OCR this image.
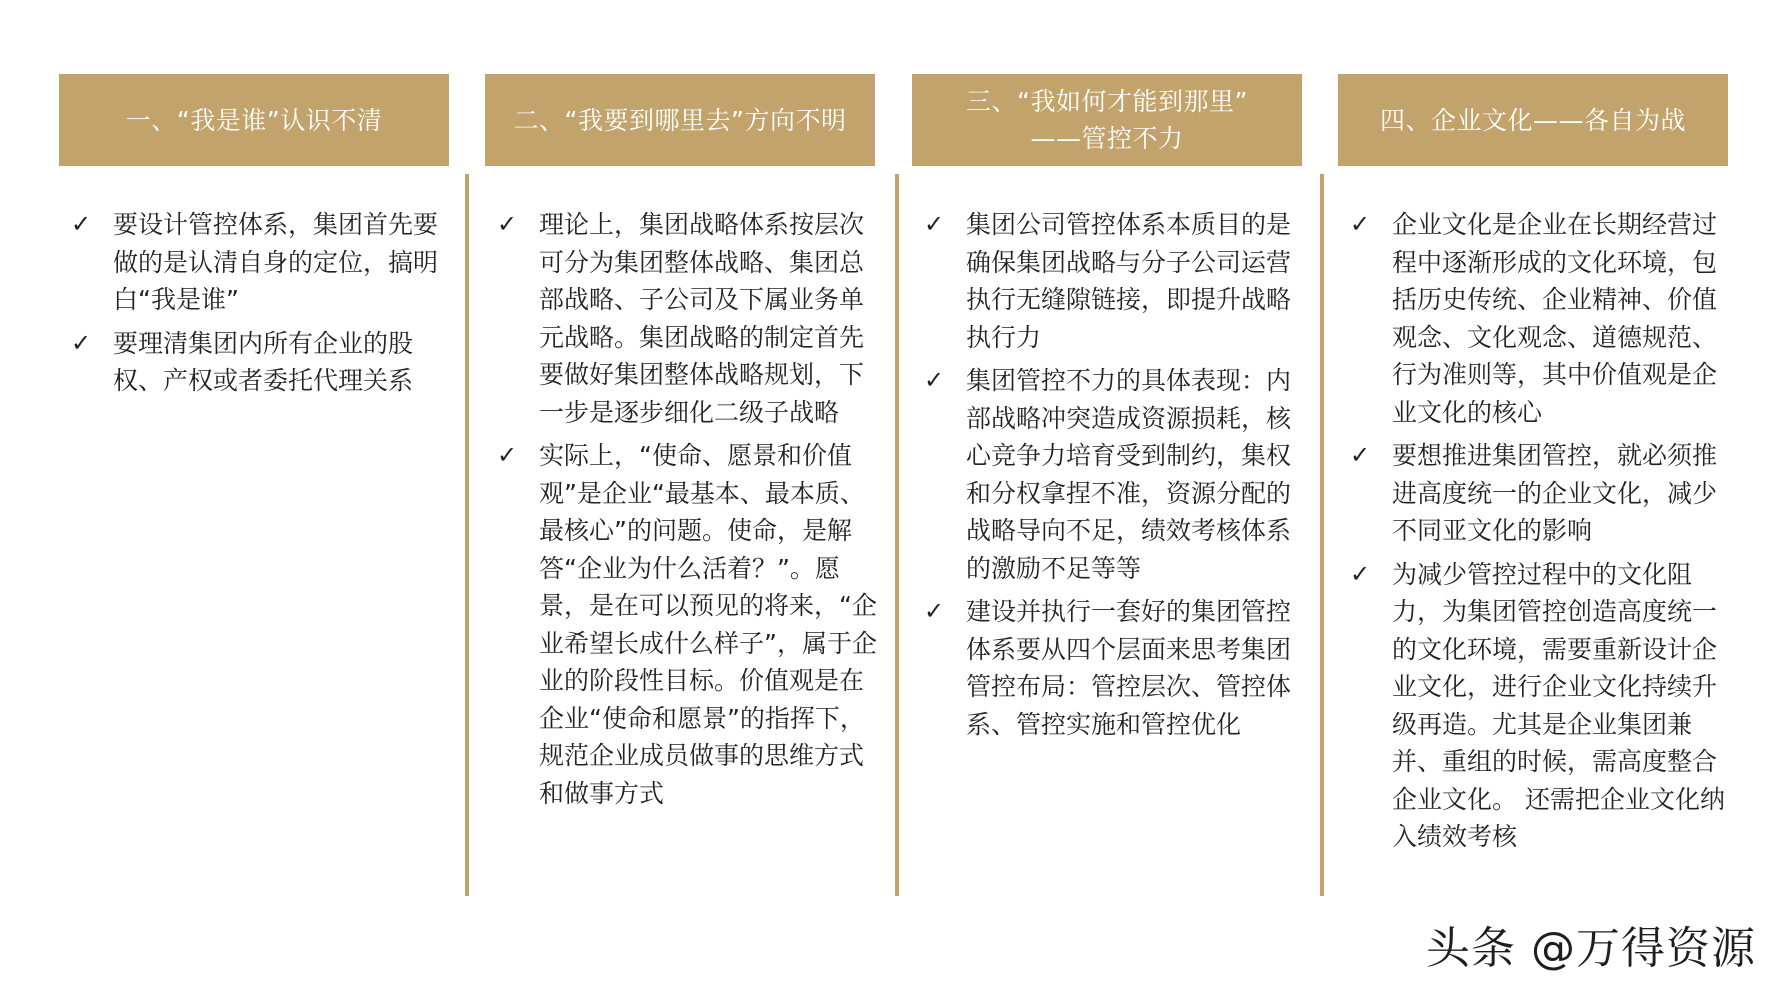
一、“我是谁”认识不清
✓ 要设计管控体系，集团首先要做的是认清自身的定位，搞明白“我是谁”
✓ 要理清集团内所有企业的股权、产权或者委托代理关系
二、“我要到哪里去”方向不明
✓ 理论上，集团战略体系按层次可分为集团整体战略、集团总部战略、子公司及下属业务单元战略。集团战略的制定首先要做好集团整体战略规划，下一步是逐步细化二级子战略
✓ 实际上，“使命、愿景和价值观”是企业“最基本、最本质、最核心”的问题。使命，是解答“企业为什么活着？”。愿景，是在可以预见的将来，“企业希望长成什么样子”，属于企业的阶段性目标。价值观是在企业“使命和愿景”的指挥下，规范企业成员做事的思维方式和做事方式
三、“我如何才能到那里”
——管控不力
✓ 集团公司管控体系本质目的是确保集团战略与分子公司运营执行无缝隙链接，即提升战略执行力
✓ 集团管控不力的具体表现：内部战略冲突造成资源损耗，核心竞争力培育受到制约，集权和分权拿捏不准，资源分配的战略导向不足，绩效考核体系的激励不足等等
✓ 建设并执行一套好的集团管控体系要从四个层面来思考集团管控布局：管控层次、管控体系、管控实施和管控优化
四、企业文化——各自为战
✓ 企业文化是企业在长期经营过程中逐渐形成的文化环境，包括历史传统、企业精神、价值观念、文化观念、道德规范、行为准则等，其中价值观是企业文化的核心
✓ 要想推进集团管控，就必须推进高度统一的企业文化，减少不同亚文化的影响
✓ 为减少管控过程中的文化阻力，为集团管控创造高度统一的文化环境，需要重新设计企业文化，进行企业文化持续升级再造。尤其是企业集团兼并、重组的时候，需高度整合企业文化。 还需把企业文化纳入绩效考核
头条 @万得资源
